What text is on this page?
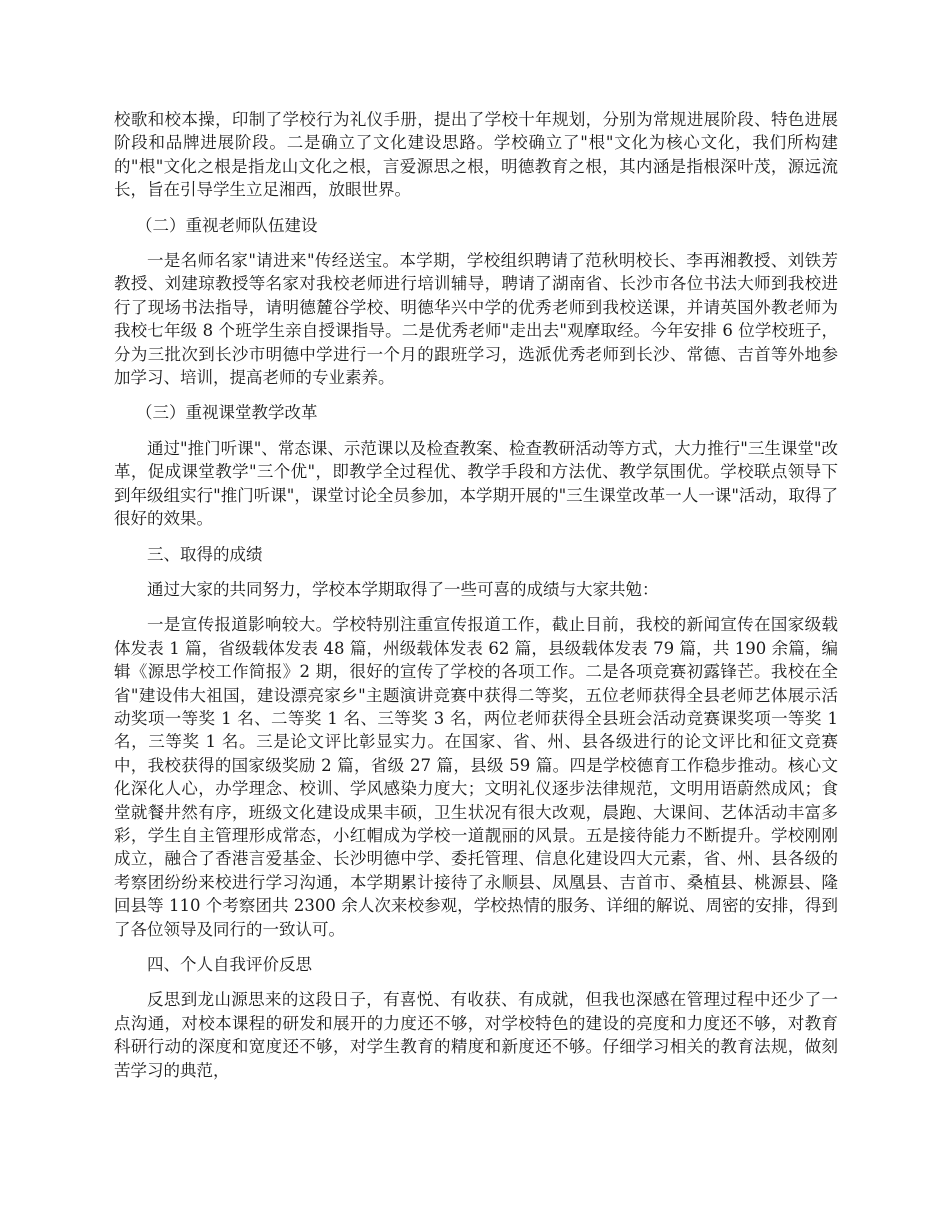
校歌和校本操，印制了学校行为礼仪手册，提出了学校十年规划，分别为常规进展阶段、特色进展阶段和品牌进展阶段。二是确立了文化建设思路。学校确立了"根"文化为核心文化，我们所构建的"根"文化之根是指龙山文化之根，言爱源思之根，明德教育之根，其内涵是指根深叶茂，源远流长，旨在引导学生立足湘西，放眼世界。

（二）重视老师队伍建设

一是名师名家"请进来"传经送宝。本学期，学校组织聘请了范秋明校长、李再湘教授、刘铁芳教授、刘建琼教授等名家对我校老师进行培训辅导，聘请了湖南省、长沙市各位书法大师到我校进行了现场书法指导，请明德麓谷学校、明德华兴中学的优秀老师到我校送课，并请英国外教老师为我校七年级 8 个班学生亲自授课指导。二是优秀老师"走出去"观摩取经。今年安排 6 位学校班子，分为三批次到长沙市明德中学进行一个月的跟班学习，选派优秀老师到长沙、常德、吉首等外地参加学习、培训，提高老师的专业素养。

（三）重视课堂教学改革

通过"推门听课"、常态课、示范课以及检查教案、检查教研活动等方式，大力推行"三生课堂"改革，促成课堂教学"三个优"，即教学全过程优、教学手段和方法优、教学氛围优。学校联点领导下到年级组实行"推门听课"，课堂讨论全员参加，本学期开展的"三生课堂改革一人一课"活动，取得了很好的效果。

三、取得的成绩

通过大家的共同努力，学校本学期取得了一些可喜的成绩与大家共勉：

一是宣传报道影响较大。学校特别注重宣传报道工作，截止目前，我校的新闻宣传在国家级载体发表 1 篇，省级载体发表 48 篇，州级载体发表 62 篇，县级载体发表 79 篇，共 190 余篇，编辑《源思学校工作简报》2 期，很好的宣传了学校的各项工作。二是各项竞赛初露锋芒。我校在全省"建设伟大祖国，建设漂亮家乡"主题演讲竞赛中获得二等奖，五位老师获得全县老师艺体展示活动奖项一等奖 1 名、二等奖 1 名、三等奖 3 名，两位老师获得全县班会活动竞赛课奖项一等奖 1 名，三等奖 1 名。三是论文评比彰显实力。在国家、省、州、县各级进行的论文评比和征文竞赛中，我校获得的国家级奖励 2 篇，省级 27 篇，县级 59 篇。四是学校德育工作稳步推动。核心文化深化人心，办学理念、校训、学风感染力度大；文明礼仪逐步法律规范，文明用语蔚然成风；食堂就餐井然有序，班级文化建设成果丰硕，卫生状况有很大改观，晨跑、大课间、艺体活动丰富多彩，学生自主管理形成常态，小红帽成为学校一道靓丽的风景。五是接待能力不断提升。学校刚刚成立，融合了香港言爱基金、长沙明德中学、委托管理、信息化建设四大元素，省、州、县各级的考察团纷纷来校进行学习沟通，本学期累计接待了永顺县、凤凰县、吉首市、桑植县、桃源县、隆回县等 110 个考察团共 2300 余人次来校参观，学校热情的服务、详细的解说、周密的安排，得到了各位领导及同行的一致认可。

四、个人自我评价反思

反思到龙山源思来的这段日子，有喜悦、有收获、有成就，但我也深感在管理过程中还少了一点沟通，对校本课程的研发和展开的力度还不够，对学校特色的建设的亮度和力度还不够，对教育科研行动的深度和宽度还不够，对学生教育的精度和新度还不够。仔细学习相关的教育法规，做刻苦学习的典范，
